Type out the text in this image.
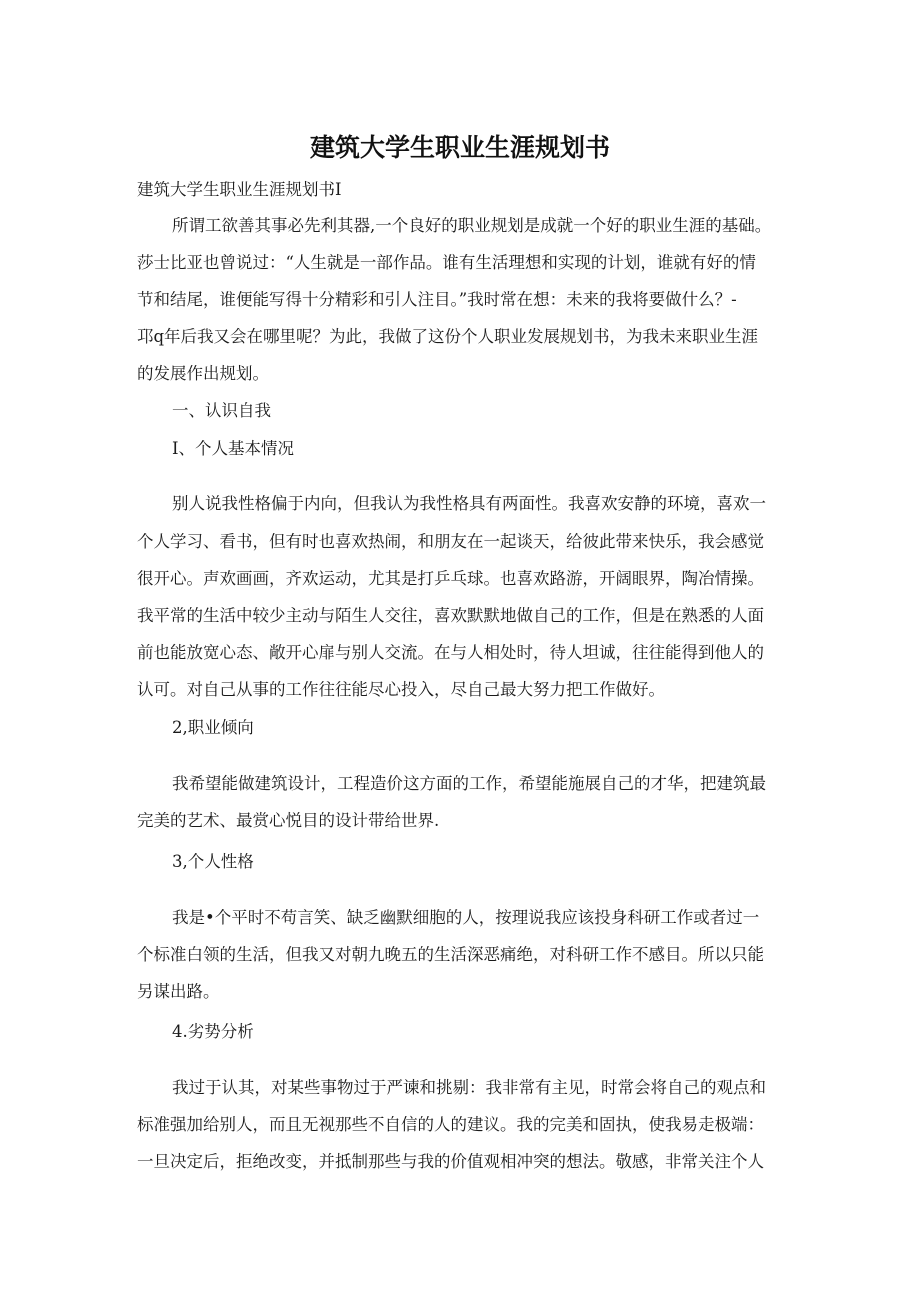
建筑大学生职业生涯规划书
建筑大学生职业生涯规划书I
所谓工欲善其事必先利其器,一个良好的职业规划是成就一个好的职业生涯的基础。
莎士比亚也曾说过：“人生就是一部作品。谁有生活理想和实现的计划，谁就有好的情
节和结尾，谁便能写得十分精彩和引人注目。”我时常在想：未来的我将要做什么？-
邛q年后我又会在哪里呢？为此，我做了这份个人职业发展规划书，为我未来职业生涯
的发展作出规划。
一、认识自我
I、个人基本情况
别人说我性格偏于内向，但我认为我性格具有两面性。我喜欢安静的环境，喜欢一
个人学习、看书，但有时也喜欢热闹，和朋友在一起谈天，给彼此带来快乐，我会感觉
很开心。声欢画画，齐欢运动，尤其是打乒乓球。也喜欢路游，开阔眼界，陶冶情操。
我平常的生活中较少主动与陌生人交往，喜欢默默地做自己的工作，但是在熟悉的人面
前也能放宽心态、敞开心扉与别人交流。在与人相处时，待人坦诚，往往能得到他人的
认可。对自己从事的工作往往能尽心投入，尽自己最大努力把工作做好。
2,职业倾向
我希望能做建筑设计，工程造价这方面的工作，希望能施展自己的才华，把建筑最
完美的艺术、最赏心悦目的设计带给世界.
3,个人性格
我是•个平时不苟言笑、缺乏幽默细胞的人，按理说我应该投身科研工作或者过一
个标准白领的生活，但我又对朝九晚五的生活深恶痛绝，对科研工作不感目。所以只能
另谋出路。
4.劣势分析
我过于认其，对某些事物过于严谏和挑剔：我非常有主见，时常会将自己的观点和
标准强加给别人，而且无视那些不自信的人的建议。我的完美和固执，使我易走极端：
一旦决定后，拒绝改变，并抵制那些与我的价值观相冲突的想法。敬感，非常关注个人
